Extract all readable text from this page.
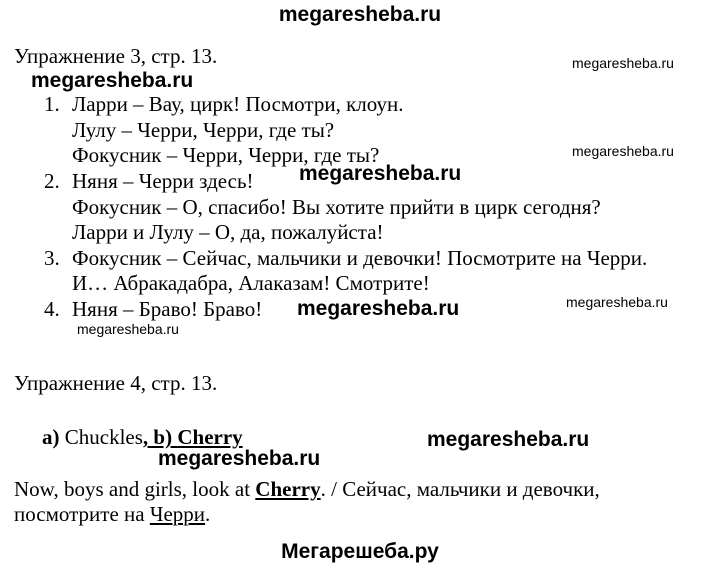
megaresheba.ru
Упражнение 3, стр. 13.	megaresheba.ru
megaresheba.ru
1. Ларри – Вау, цирк! Посмотри, клоун.
Лулу – Черри, Черри, где ты?
Фокусник – Черри, Черри, где ты?	megaresheba.ru
2. Няня – Черри здесь! megaresheba.ru
Фокусник – О, спасибо! Вы хотите прийти в цирк сегодня?
Ларри и Лулу – О, да, пожалуйста!
3. Фокусник – Сейчас, мальчики и девочки! Посмотрите на Черри.
И… Абракадабра, Алаказам! Смотрите!
4. Няня – Браво! Браво! megaresheba.ru	megaresheba.ru
megaresheba.ru
Упражнение 4, стр. 13.
a) Chuckles, b) Cherry	megaresheba.ru
megaresheba.ru
Now, boys and girls, look at Cherry. / Сейчас, мальчики и девочки,
посмотрите на Черри.
Мегарешеба.ру
